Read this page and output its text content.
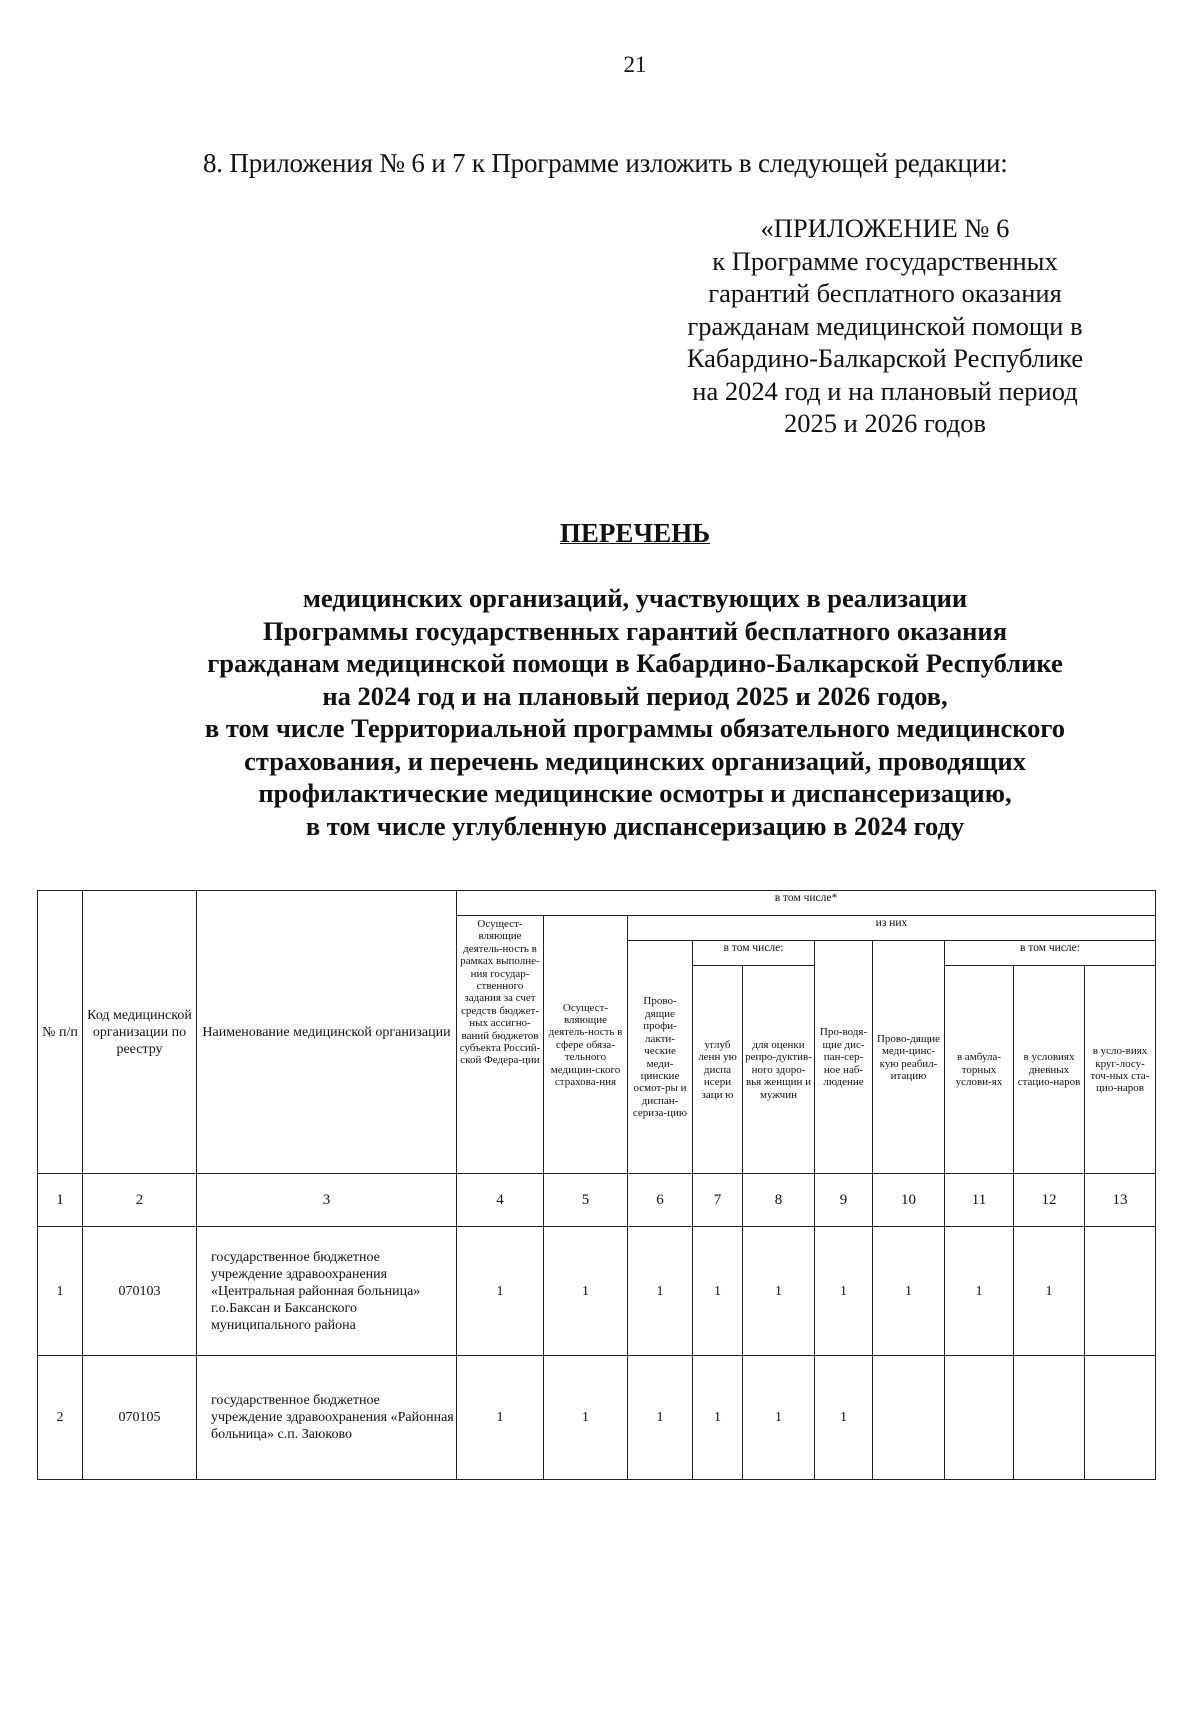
21
8. Приложения № 6 и 7 к Программе изложить в следующей редакции:
«ПРИЛОЖЕНИЕ № 6
к Программе государственных
гарантий бесплатного оказания
гражданам медицинской помощи в
Кабардино-Балкарской Республике
на 2024 год и на плановый период
2025 и 2026 годов
ПЕРЕЧЕНЬ
медицинских организаций, участвующих в реализации
Программы государственных гарантий бесплатного оказания
гражданам медицинской помощи в Кабардино-Балкарской Республике
на 2024 год и на плановый период 2025 и 2026 годов,
в том числе Территориальной программы обязательного медицинского
страхования, и перечень медицинских организаций, проводящих
профилактические медицинские осмотры и диспансеризацию,
в том числе углубленную диспансеризацию в 2024 году
№ п/п	Код медицинской организации по реестру	Наименование медицинской организации	в том числе*									
			Осущест-вляющие деятель-ность в рамках выполне-ния государ-ственного задания за счет средств бюджет-ных ассигно-ваний бюджетов субъекта Россий-ской Федера-ции	Осущест-вляющие деятель-ность в сфере обяза-тельного медицин-ского страхова-ния	из них							
					Прово-дящие профи-лакти-ческие меди-цинские осмот-ры и диспан-сериза-цию	в том числе:		Про-водя-щие дис-пан-сер-ное наб-людение	Прово-дящие меди-цинс-кую реабил-итацию	в том числе:		
						углуб ленн ую диспа нсери заци ю	для оценки репро-дуктив-ного здоро-вья женщин и мужчин			в амбула-торных услови-ях	в условиях дневных стацио-наров	в усло-виях круг-лосу-точ-ных ста-цио-наров
1	2	3	4	5	6	7	8	9	10	11	12	13
1	070103	государственное бюджетное учреждение здравоохранения «Центральная районная больница» г.о.Баксан и Баксанского муниципального района	1	1	1	1	1	1	1	1	1	
2	070105	государственное бюджетное учреждение здравоохранения «Районная больница» с.п. Заюково	1	1	1	1	1	1				
